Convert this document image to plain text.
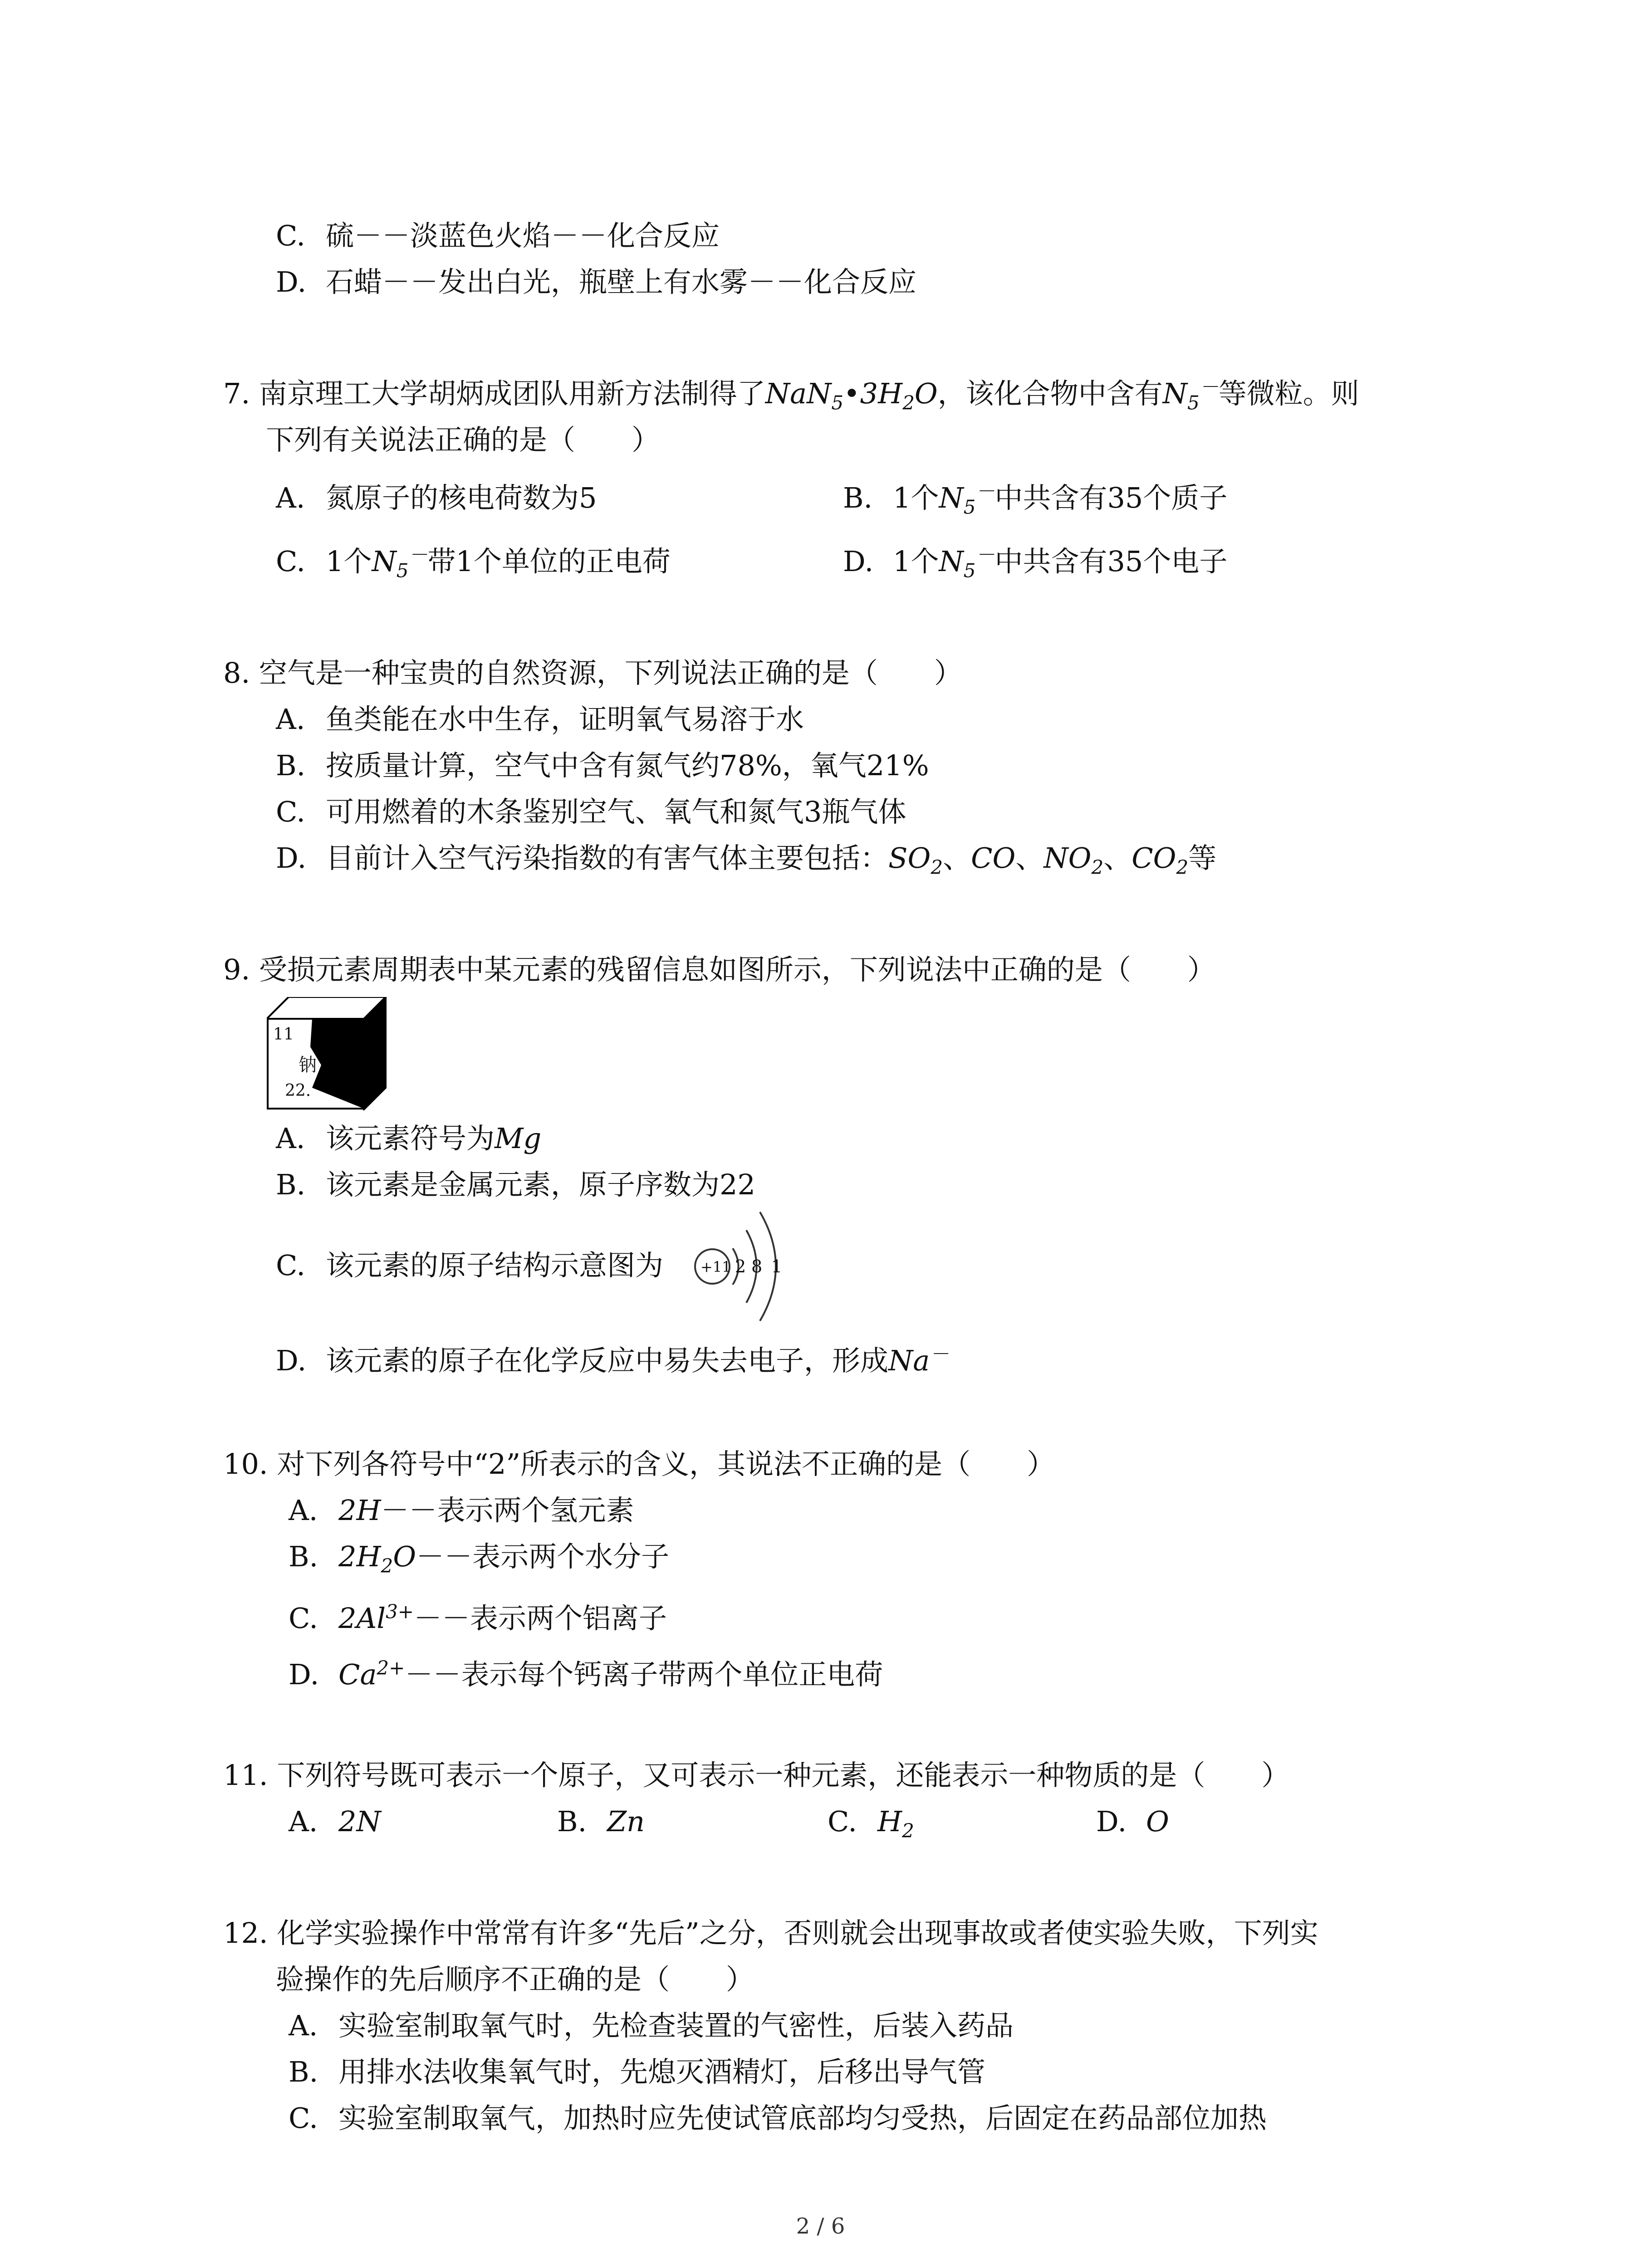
C. 硫－－淡蓝色火焰－－化合反应
D. 石蜡－－发出白光，瓶壁上有水雾－－化合反应
7. 南京理工大学胡炳成团队用新方法制得了$NaN_5•3H_2O$，该化合物中含有$N_5^-$等微粒。则
下列有关说法正确的是（　　）
A. 氮原子的核电荷数为5	B. 1个$N_5^-$中共含有35个质子
C. 1个$N_5^-$带1个单位的正电荷	D. 1个$N_5^-$中共含有35个电子
8. 空气是一种宝贵的自然资源，下列说法正确的是（　　）
A. 鱼类能在水中生存，证明氧气易溶于水
B. 按质量计算，空气中含有氮气约78%，氧气21%
C. 可用燃着的木条鉴别空气、氧气和氮气3瓶气体
D. 目前计入空气污染指数的有害气体主要包括：$SO_2$、CO、$NO_2$、$CO_2$等
9. 受损元素周期表中某元素的残留信息如图所示，下列说法中正确的是（　　）
11
钠
22.
A. 该元素符号为Mg
B. 该元素是金属元素，原子序数为22
C. 该元素的原子结构示意图为	+11 2 8 1
D. 该元素的原子在化学反应中易失去电子，形成Na－
10. 对下列各符号中“2”所表示的含义，其说法不正确的是（　　）
A. 2H－－表示两个氢元素
B. $2H_2O--$表示两个水分子
C. $2Al^{3+}--$表示两个铝离子
D. $Ca^{2+}--$表示每个钙离子带两个单位正电荷
11. 下列符号既可表示一个原子，又可表示一种元素，还能表示一种物质的是（　　）
A. 2N	B. Zn	C. $H_2$	D. O
12. 化学实验操作中常常有许多“先后”之分，否则就会出现事故或者使实验失败，下列实
验操作的先后顺序不正确的是（　　）
A. 实验室制取氧气时，先检查装置的气密性，后装入药品
B. 用排水法收集氧气时，先熄灭酒精灯，后移出导气管
C. 实验室制取氧气，加热时应先使试管底部均匀受热，后固定在药品部位加热
2 / 6
